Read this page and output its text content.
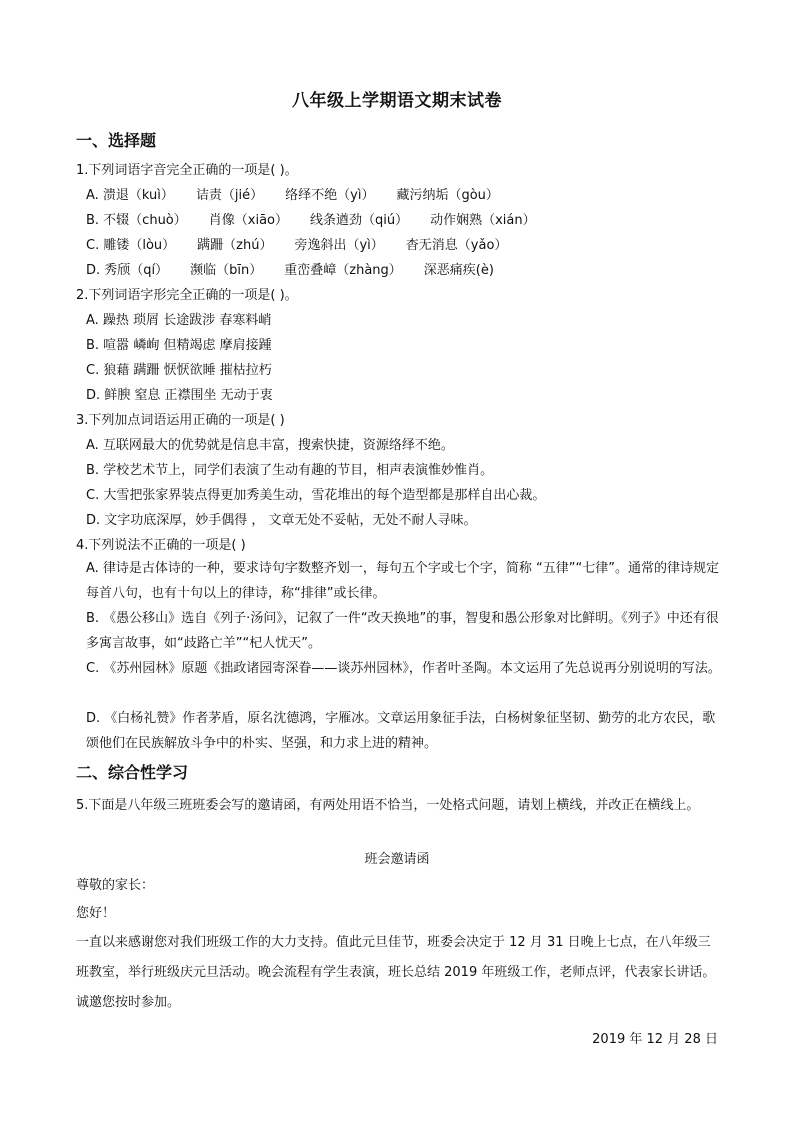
八年级上学期语文期末试卷
一、选择题
1.下列词语字音完全正确的一项是( )。
A. 溃退（kuì） 诘责（jié） 络绎不绝（yì） 藏污纳垢（gòu）
B. 不辍（chuò） 肖像（xiāo） 线条遒劲（qiú） 动作娴熟（xián）
C. 雕镂（lòu） 蹒跚（zhú） 旁逸斜出（yì） 杳无消息（yǎo）
D. 秀颀（qí） 濒临（bīn） 重峦叠嶂（zhàng） 深恶痛疾(è)
2.下列词语字形完全正确的一项是( )。
A. 躁热 琐屑 长途跋涉 春寒料峭
B. 喧嚣 嶙峋 但精竭虑 摩肩接踵
C. 狼藉 蹒跚 恹恹欲睡 摧枯拉朽
D. 鲜腴 窒息 正襟围坐 无动于衷
3.下列加点词语运用正确的一项是( )
A. 互联网最大的优势就是信息丰富，搜索快捷，资源络绎不绝。
B. 学校艺术节上，同学们表演了生动有趣的节目，相声表演惟妙惟肖。
C. 大雪把张家界装点得更加秀美生动，雪花堆出的每个造型都是那样自出心裁。
D. 文字功底深厚，妙手偶得 ， 文章无处不妥帖，无处不耐人寻味。
4.下列说法不正确的一项是( )
A. 律诗是古体诗的一种，要求诗句字数整齐划一，每句五个字或七个字，简称 “五律”“七律”。通常的律诗规定每首八句，也有十句以上的律诗，称“排律”或长律。
B. 《愚公移山》选自《列子·汤问》，记叙了一件“改天换地”的事，智叟和愚公形象对比鲜明。《列子》中还有很多寓言故事，如“歧路亡羊”“杞人忧天”。
C. 《苏州园林》原题《拙政诸园寄深眷——谈苏州园林》，作者叶圣陶。本文运用了先总说再分别说明的写法。
D. 《白杨礼赞》作者茅盾，原名沈德鸿，字雁冰。文章运用象征手法，白杨树象征坚韧、勤劳的北方农民，歌颂他们在民族解放斗争中的朴实、坚强，和力求上进的精神。
二、综合性学习
5.下面是八年级三班班委会写的邀请函，有两处用语不恰当，一处格式问题，请划上横线，并改正在横线上。
班会邀请函
尊敬的家长：
您好！
一直以来感谢您对我们班级工作的大力支持。值此元旦佳节，班委会决定于 12 月 31 日晚上七点，在八年级三班教室，举行班级庆元旦活动。晚会流程有学生表演，班长总结 2019 年班级工作，老师点评，代表家长讲话。诚邀您按时参加。
2019 年 12 月 28 日
